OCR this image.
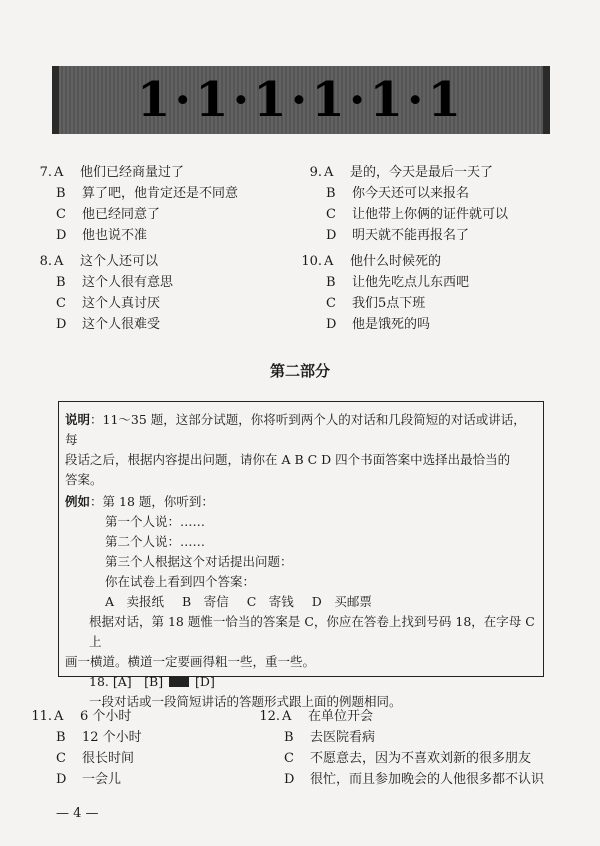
1·1·1·1·1·1
7. A	他们已经商量过了
B	算了吧，他肯定还是不同意
C	他已经同意了
D	他也说不准
8. A	这个人还可以
B	这个人很有意思
C	这个人真讨厌
D	这个人很难受
9. A	是的，今天是最后一天了
B	你今天还可以来报名
C	让他带上你俩的证件就可以
D	明天就不能再报名了
10. A	他什么时候死的
B	让他先吃点儿东西吧
C	我们5点下班
D	他是饿死的吗
第二部分

说明：11～35 题，这部分试题，你将听到两个人的对话和几段简短的对话或讲话，每

段话之后，根据内容提出问题，请你在 A B C D 四个书面答案中选择出最恰当的

答案。

例如：第 18 题，你听到：

第一个人说：……

第二个人说：……

第三个人根据这个对话提出问题：

你在试卷上看到四个答案：

A　卖报纸 B　寄信 C　寄钱 D　买邮票

根据对话，第 18 题惟一恰当的答案是 C，你应在答卷上找到号码 18，在字母 C 上

画一横道。横道一定要画得粗一些，重一些。

18. [A]　[B]	[D]

一段对话或一段简短讲话的答题形式跟上面的例题相同。

11. A	6 个小时
B	12 个小时
C	很长时间
D	一会儿
12. A	在单位开会
B	去医院看病
C	不愿意去，因为不喜欢刘新的很多朋友
D	很忙，而且参加晚会的人他很多都不认识
— 4 —
